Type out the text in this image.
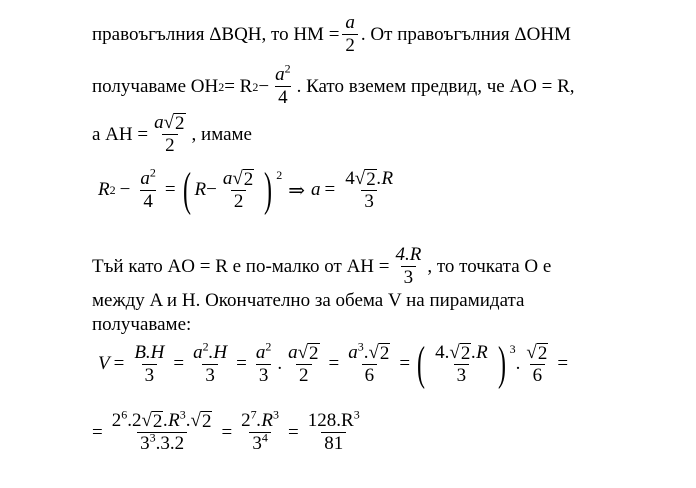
правоъгълния ΔBQH, то HM = $\frac{a}{2}$ . От правоъгълния ΔOHM
получаваме OH 2 = R $2 - \frac{a^2}{4}$ . Като вземем предвид, че AO = R,
а AH = $\frac{a √ 2}{2}$ , имаме
R $2 - \frac{a^2}{4}$ = ( $R - \frac{a √ 2}{2}$ ) 2
⇒ $a = \frac{4 √ 2 .R}{3}$
Тъй като AO = R е по-малко от AH = $\frac{4.R}{3}$ , то точката O е
между A и H. Окончателно за обема V на пирамидата
получаваме:
$V = \frac{B.H}{3} = \frac{a^2.H}{3} = \frac{a^2}{3}$ . $\frac{a √ 2}{2} = \frac{a^3. √ 2}{6}$ = ( $\frac{4. √ 2 .R}{3}$ ) 3
. $\frac{√ 2}{6}$ =
= $\frac{2^6.2 √ 2 .R^3. √ 2}{3^3.3.2} = \frac{2^7.R^3}{3^4} = \frac{128.R^3}{81}$
